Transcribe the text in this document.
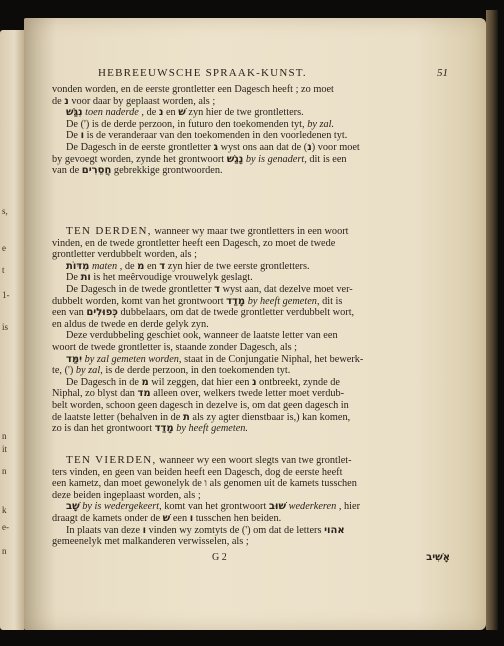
s,
e
t
1-
is
n
it
n
k
e-
n
HEBREEUWSCHE SPRAAK-KUNST.	51
vonden worden, en de eerste grontletter een Dagesch heeft ; zo moet
de נ voor daar by geplaast worden, als ;
נִגַּשׁ toen naderde , de נ en שׁ zyn hier de twe grontletters.
De (') is de derde perzoon, in futuro den toekomenden tyt, by zal.
De ו is de veranderaar van den toekomenden in den voorledenen tyt.
De Dagesch in de eerste grontletter ג wyst ons aan dat de (נ) voor moet
by gevoegt worden, zynde het grontwoort נָגַשׁ by is genadert, dit is een
van de חֲסֵרִים gebrekkige grontwoorden.
TEN DERDEN, wanneer wy maar twe grontletters in een woort
vinden, en de twede grontletter heeft een Dagesch, zo moet de twede
grontletter verdubbelt worden, als ;
מִדּוֹת maten , de מ en ד zyn hier de twe eerste grontletters.
De ות is het meêrvoudige vrouwelyk geslagt.
De Dagesch in de twede grontletter ד wyst aan, dat dezelve moet ver-
dubbelt worden, komt van het grontwoort מָדַד by heeft gemeten, dit is
een van כְּפוּלִים dubbelaars, om dat de twede grontletter verdubbelt wort,
en aldus de twede en derde gelyk zyn.
Deze verdubbeling geschiet ook, wanneer de laatste letter van een
woort de twede grontletter is, staande zonder Dagesch, als ;
יִמַּד by zal gemeten worden, staat in de Conjungatie Niphal, het bewerk-
te, (') by zal, is de derde perzoon, in den toekomenden tyt.
De Dagesch in de מ wil zeggen, dat hier een נ ontbreekt, zynde de
Niphal, zo blyst dan מד alleen over, welkers twede letter moet verdub-
belt worden, schoon geen dagesch in dezelve is, om dat geen dagesch in
de laatste letter (behalven in de ת als zy agter dienstbaar is,) kan komen,
zo is dan het grontwoort מָדַד by heeft gemeten.
TEN VIERDEN, wanneer wy een woort slegts van twe grontlet-
ters vinden, en geen van beiden heeft een Dagesch, dog de eerste heeft
een kametz, dan moet gewonelyk de ו als genomen uit de kamets tusschen
deze beiden ingeplaast worden, als ;
שָׁב by is wedergekeert, komt van het grontwoort שׁוּב wederkeren , hier
draagt de kamets onder de שׁ een ו tusschen hen beiden.
In plaats van deze ו vinden wy zomtyts de (') om dat de letters אהוי
gemeenelyk met malkanderen verwisselen, als ;
G 2	אָשִׁיב
